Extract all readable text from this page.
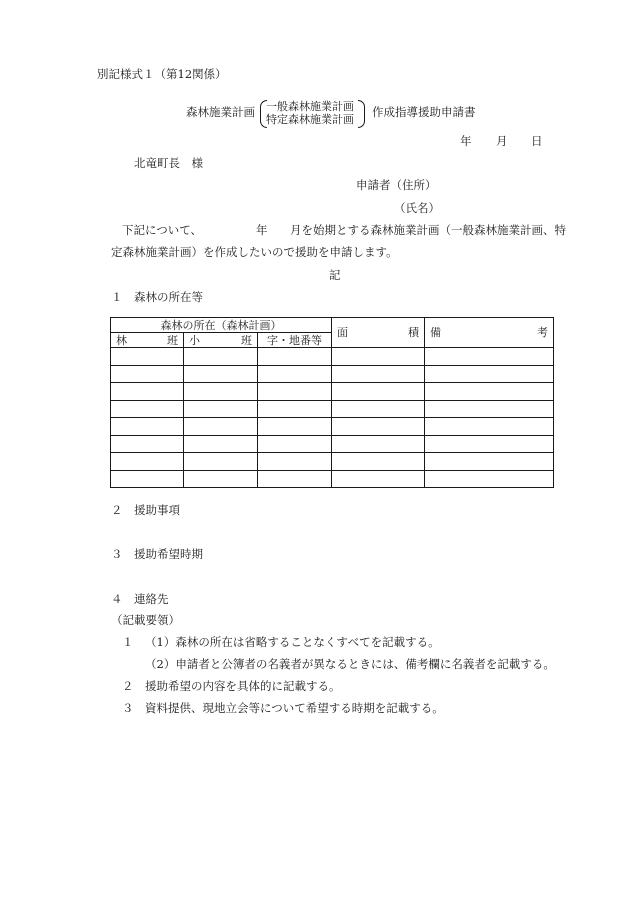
別記様式１（第12関係）
森林施業計画 一般森林施業計画
特定森林施業計画
作成指導援助申請書
年 月 日
北竜町長　様
申請者（住所）
（氏名）
下記について、	年 月を始期とする森林施業計画（一般森林施業計画、特
定森林施業計画）を作成したいので援助を申請します。
記
１　森林の所在等
森林の所在（森林計画）			面 積	備 考

林 班	小 班	字・地番等		

２　援助事項
３　援助希望時期
４　連絡先
（記載要領）
１ （1）森林の所在は省略することなくすべてを記載する。
（2）申請者と公簿者の名義者が異なるときには、備考欄に名義者を記載する。
２　援助希望の内容を具体的に記載する。
３　資料提供、現地立会等について希望する時期を記載する。
